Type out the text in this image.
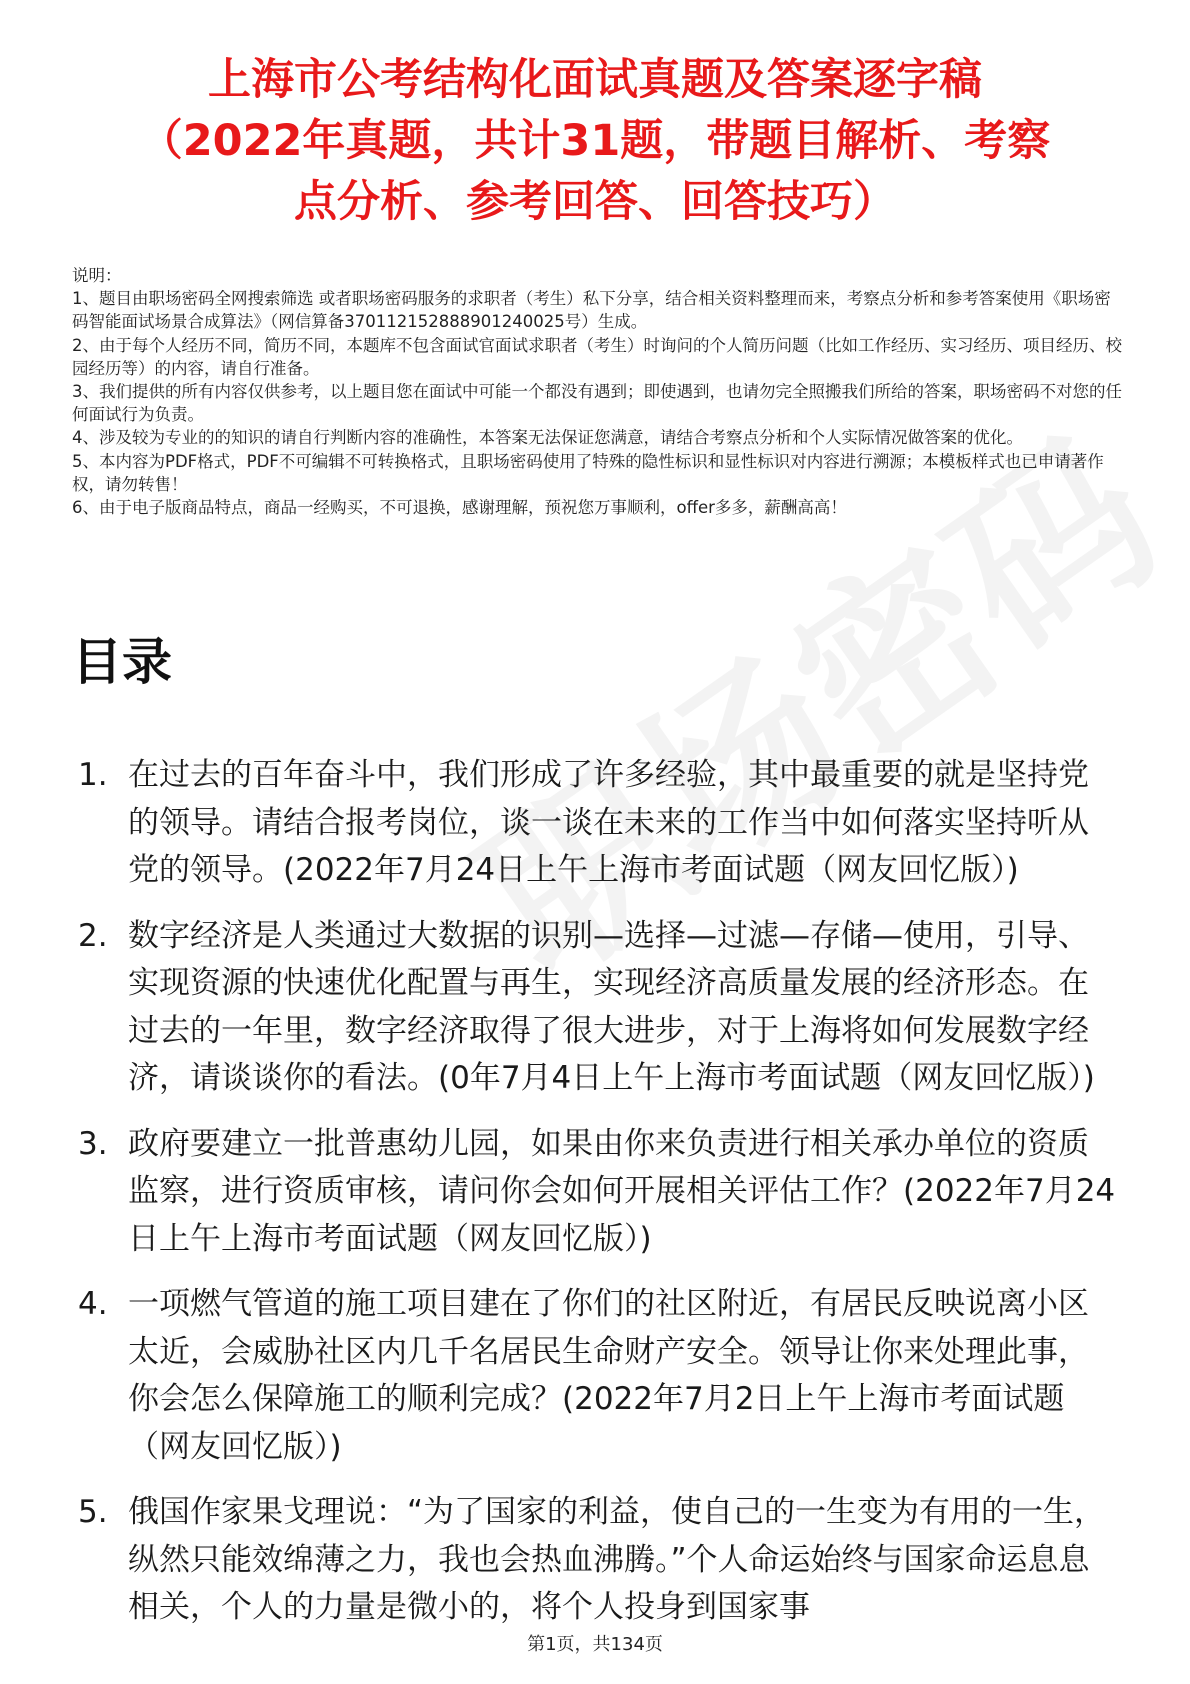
上海市公考结构化面试真题及答案逐字稿
（2022年真题，共计31题，带题目解析、考察
点分析、参考回答、回答技巧）

说明：

1、题目由职场密码全网搜索筛选 或者职场密码服务的求职者（考生）私下分享，结合相关资料整理而来，考察点分析和参考答案使用《职场密码智能面试场景合成算法》（网信算备370112152888901240025号）生成。

2、由于每个人经历不同，简历不同，本题库不包含面试官面试求职者（考生）时询问的个人简历问题（比如工作经历、实习经历、项目经历、校园经历等）的内容，请自行准备。

3、我们提供的所有内容仅供参考，以上题目您在面试中可能一个都没有遇到；即使遇到，也请勿完全照搬我们所给的答案，职场密码不对您的任何面试行为负责。

4、涉及较为专业的的知识的请自行判断内容的准确性，本答案无法保证您满意，请结合考察点分析和个人实际情况做答案的优化。

5、本内容为PDF格式，PDF不可编辑不可转换格式，且职场密码使用了特殊的隐性标识和显性标识对内容进行溯源；本模板样式也已申请著作权，请勿转售！

6、由于电子版商品特点，商品一经购买，不可退换，感谢理解，预祝您万事顺利，offer多多，薪酬高高！

目录
1. 在过去的百年奋斗中，我们形成了许多经验，其中最重要的就是坚持党的领导。请结合报考岗位，谈一谈在未来的工作当中如何落实坚持听从党的领导。(2022年7月24日上午上海市考面试题（网友回忆版）)
2. 数字经济是人类通过大数据的识别—选择—过滤—存储—使用，引导、实现资源的快速优化配置与再生，实现经济高质量发展的经济形态。在过去的一年里，数字经济取得了很大进步，对于上海将如何发展数字经济，请谈谈你的看法。(0年7月4日上午上海市考面试题（网友回忆版）)
3. 政府要建立一批普惠幼儿园，如果由你来负责进行相关承办单位的资质监察，进行资质审核，请问你会如何开展相关评估工作？(2022年7月24日上午上海市考面试题（网友回忆版）)
4. 一项燃气管道的施工项目建在了你们的社区附近，有居民反映说离小区太近，会威胁社区内几千名居民生命财产安全。领导让你来处理此事，你会怎么保障施工的顺利完成？(2022年7月2日上午上海市考面试题（网友回忆版）)
5. 俄国作家果戈理说：“为了国家的利益，使自己的一生变为有用的一生，纵然只能效绵薄之力，我也会热血沸腾。”个人命运始终与国家命运息息相关，个人的力量是微小的，将个人投身到国家事
第1页，共134页
